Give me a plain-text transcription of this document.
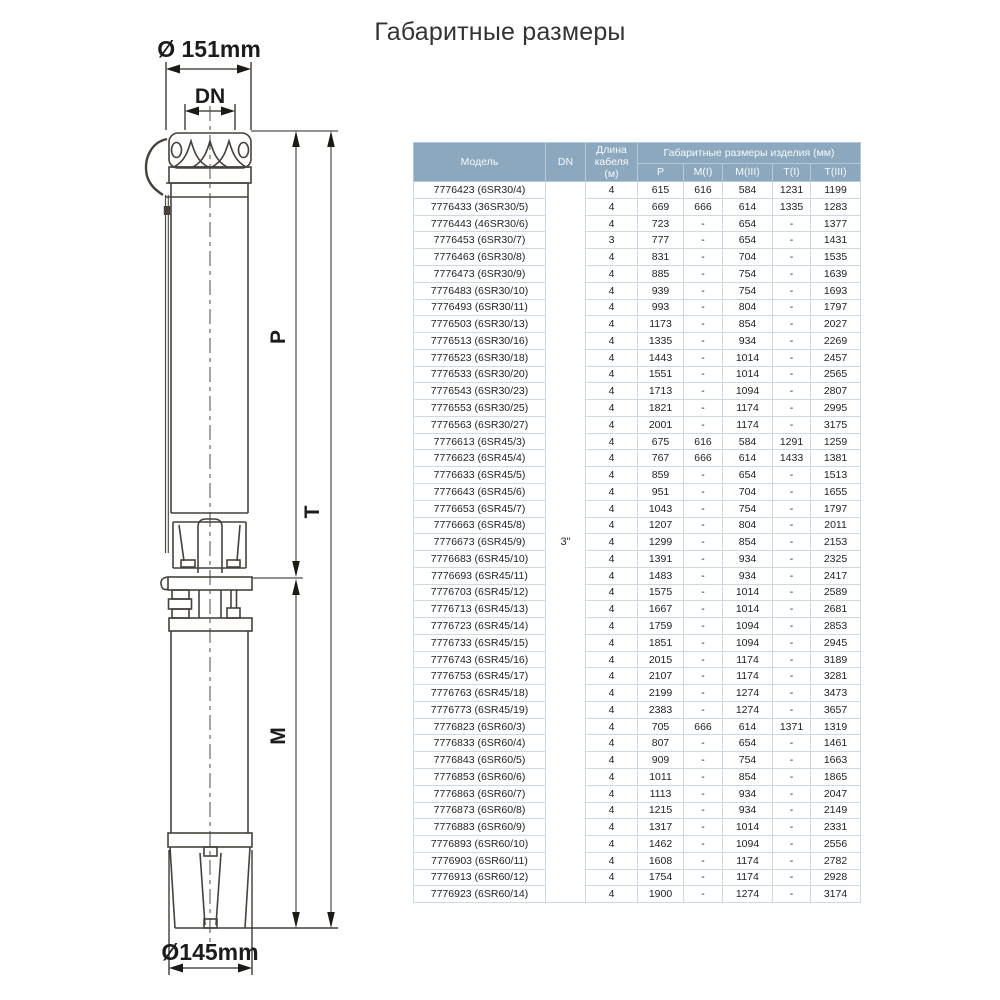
Габаритные размеры
Ø 151mm
DN
P
T
M
Ø145mm
Модель	DN	Длина кабеля (м)	Габаритные размеры изделия (мм)				
			Р	М(I)	М(III)	Т(I)	Т(III)
7776423 (6SR30/4)	3"	4	615	616	584	1231	1199
7776433 (36SR30/5)		4	669	666	614	1335	1283
7776443 (46SR30/6)		4	723	-	654	-	1377
7776453 (6SR30/7)		3	777	-	654	-	1431
7776463 (6SR30/8)		4	831	-	704	-	1535
7776473 (6SR30/9)		4	885	-	754	-	1639
7776483 (6SR30/10)		4	939	-	754	-	1693
7776493 (6SR30/11)		4	993	-	804	-	1797
7776503 (6SR30/13)		4	1173	-	854	-	2027
7776513 (6SR30/16)		4	1335	-	934	-	2269
7776523 (6SR30/18)		4	1443	-	1014	-	2457
7776533 (6SR30/20)		4	1551	-	1014	-	2565
7776543 (6SR30/23)		4	1713	-	1094	-	2807
7776553 (6SR30/25)		4	1821	-	1174	-	2995
7776563 (6SR30/27)		4	2001	-	1174	-	3175
7776613 (6SR45/3)		4	675	616	584	1291	1259
7776623 (6SR45/4)		4	767	666	614	1433	1381
7776633 (6SR45/5)		4	859	-	654	-	1513
7776643 (6SR45/6)		4	951	-	704	-	1655
7776653 (6SR45/7)		4	1043	-	754	-	1797
7776663 (6SR45/8)		4	1207	-	804	-	2011
7776673 (6SR45/9)		4	1299	-	854	-	2153
7776683 (6SR45/10)		4	1391	-	934	-	2325
7776693 (6SR45/11)		4	1483	-	934	-	2417
7776703 (6SR45/12)		4	1575	-	1014	-	2589
7776713 (6SR45/13)		4	1667	-	1014	-	2681
7776723 (6SR45/14)		4	1759	-	1094	-	2853
7776733 (6SR45/15)		4	1851	-	1094	-	2945
7776743 (6SR45/16)		4	2015	-	1174	-	3189
7776753 (6SR45/17)		4	2107	-	1174	-	3281
7776763 (6SR45/18)		4	2199	-	1274	-	3473
7776773 (6SR45/19)		4	2383	-	1274	-	3657
7776823 (6SR60/3)		4	705	666	614	1371	1319
7776833 (6SR60/4)		4	807	-	654	-	1461
7776843 (6SR60/5)		4	909	-	754	-	1663
7776853 (6SR60/6)		4	1011	-	854	-	1865
7776863 (6SR60/7)		4	1113	-	934	-	2047
7776873 (6SR60/8)		4	1215	-	934	-	2149
7776883 (6SR60/9)		4	1317	-	1014	-	2331
7776893 (6SR60/10)		4	1462	-	1094	-	2556
7776903 (6SR60/11)		4	1608	-	1174	-	2782
7776913 (6SR60/12)		4	1754	-	1174	-	2928
7776923 (6SR60/14)		4	1900	-	1274	-	3174
